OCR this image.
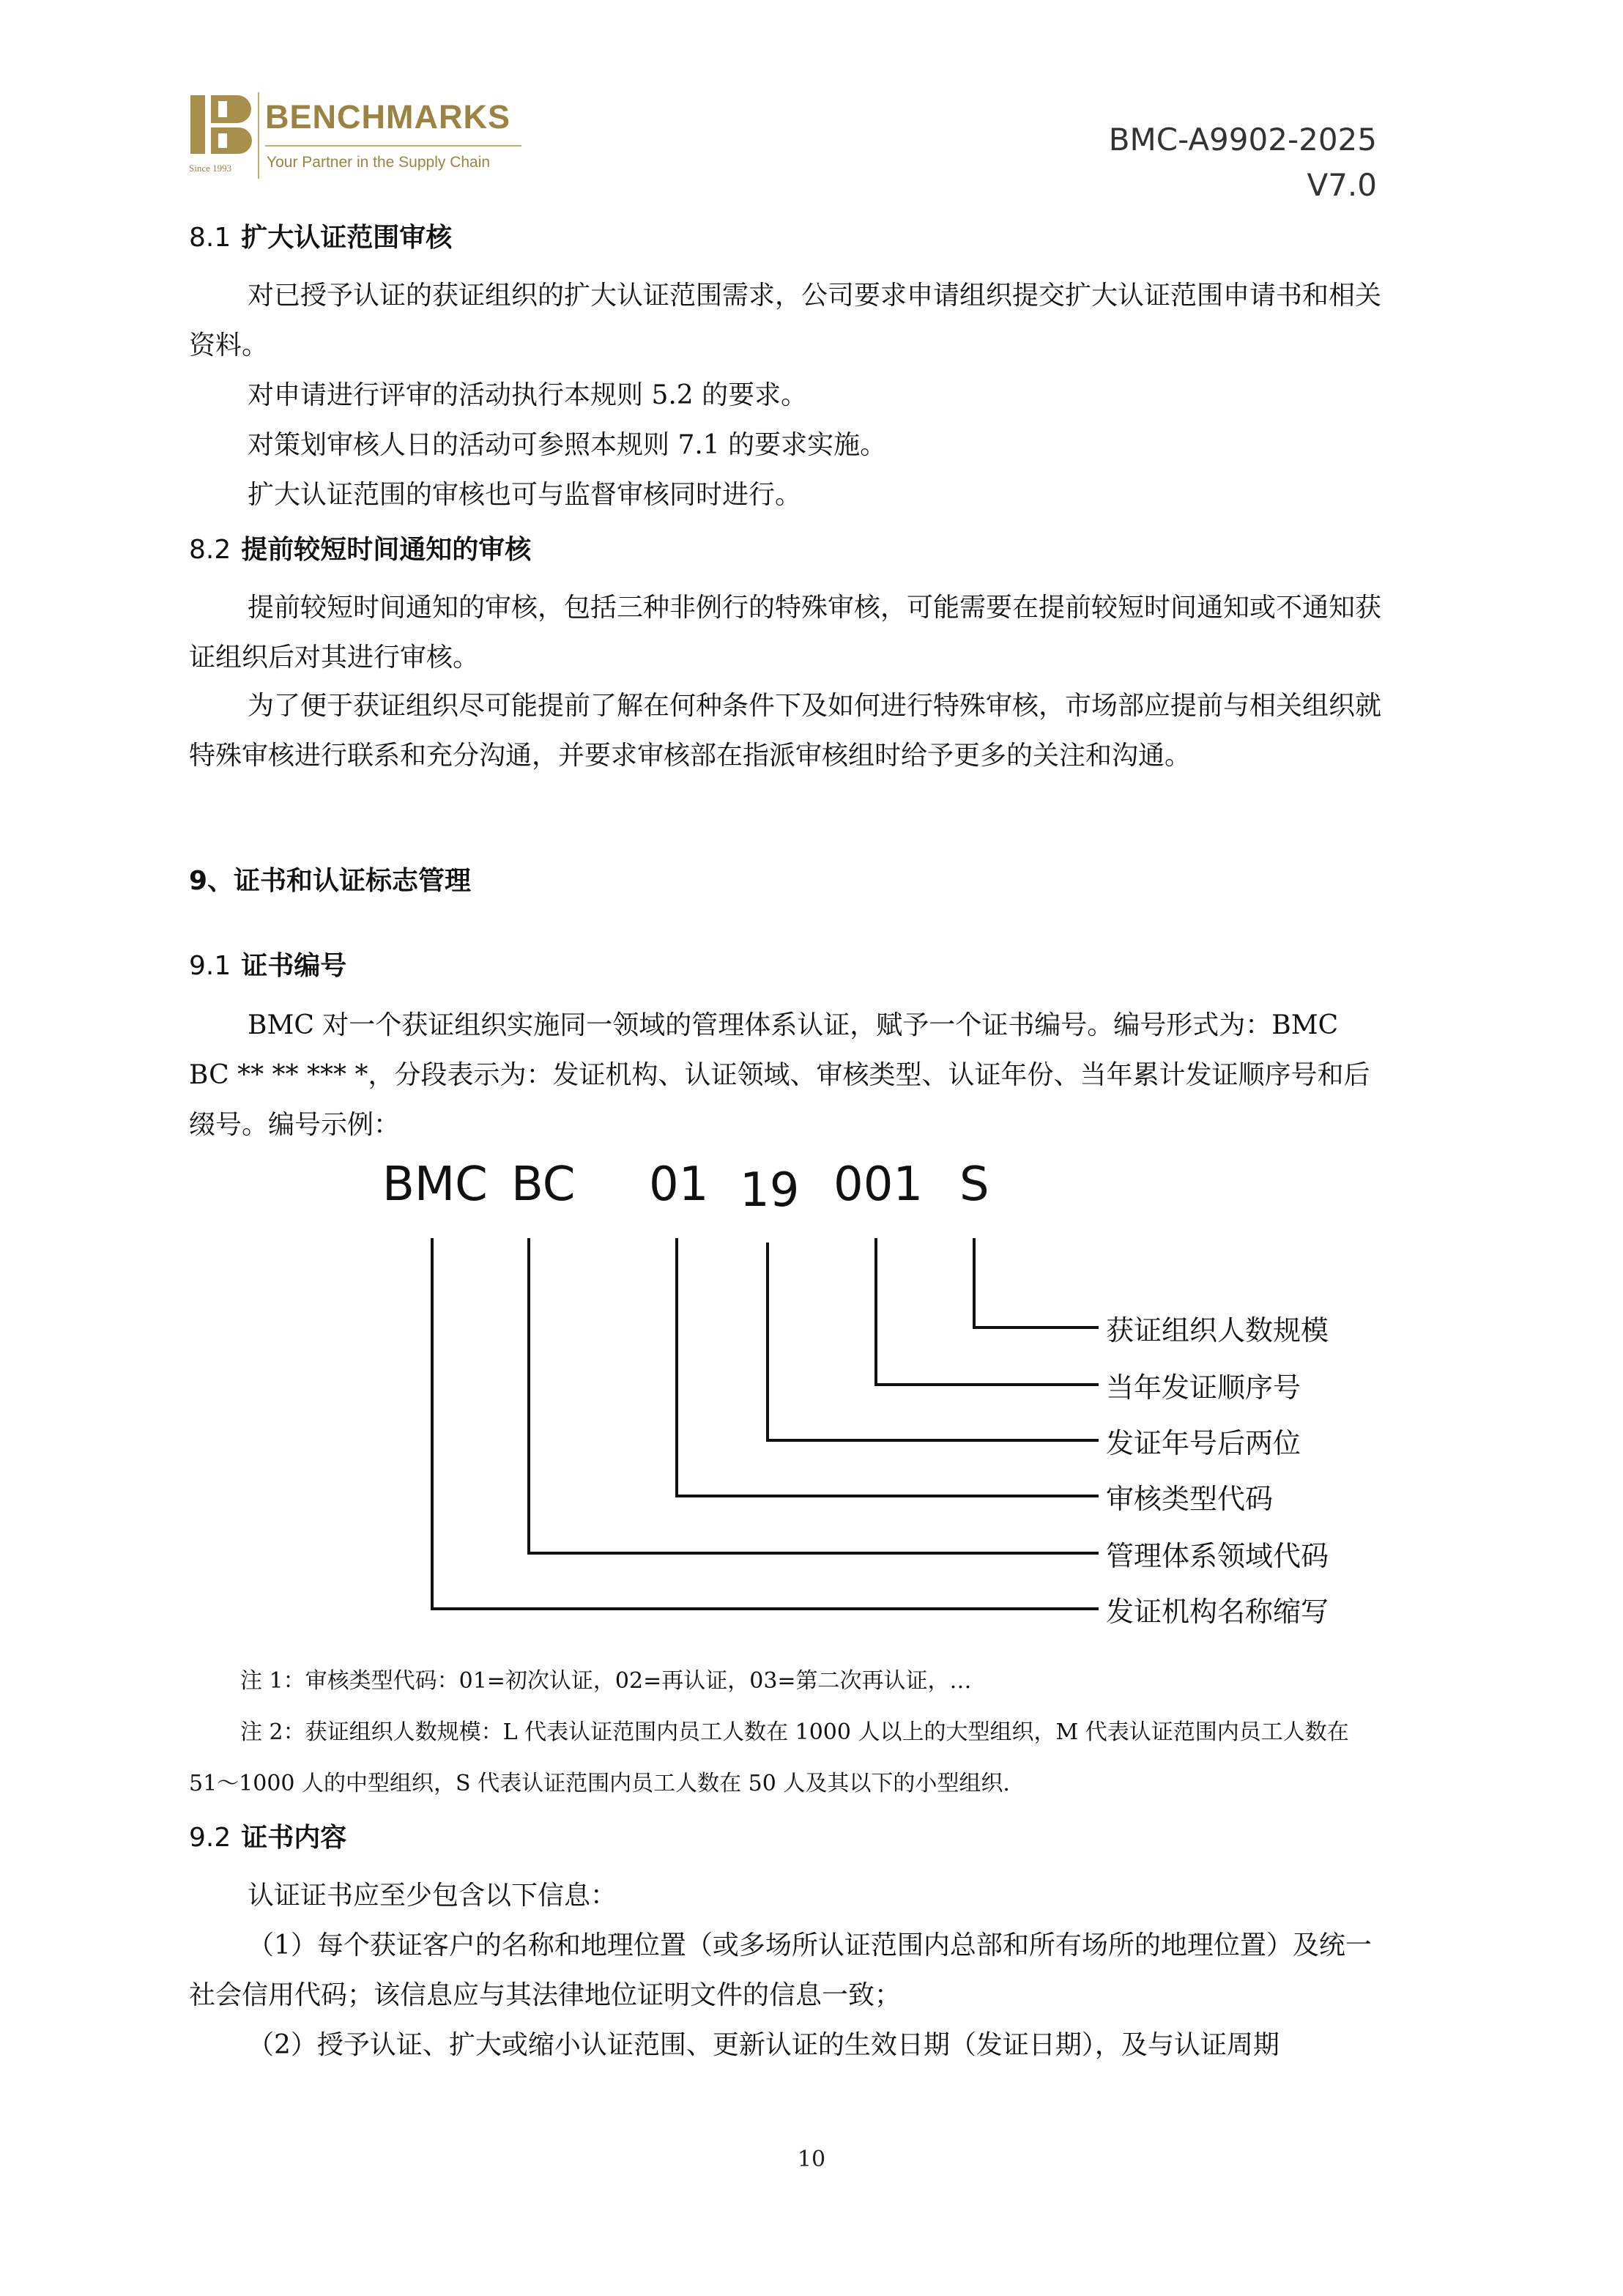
BENCHMARKS
Your Partner in the Supply Chain
Since 1993
BMC-A9902-2025
V7.0
8.1 扩大认证范围审核
对已授予认证的获证组织的扩大认证范围需求，公司要求申请组织提交扩大认证范围申请书和相关资料。
对申请进行评审的活动执行本规则 5.2 的要求。
对策划审核人日的活动可参照本规则 7.1 的要求实施。
扩大认证范围的审核也可与监督审核同时进行。
8.2 提前较短时间通知的审核
提前较短时间通知的审核，包括三种非例行的特殊审核，可能需要在提前较短时间通知或不通知获证组织后对其进行审核。
为了便于获证组织尽可能提前了解在何种条件下及如何进行特殊审核，市场部应提前与相关组织就特殊审核进行联系和充分沟通，并要求审核部在指派审核组时给予更多的关注和沟通。
9、证书和认证标志管理
9.1 证书编号
BMC 对一个获证组织实施同一领域的管理体系认证，赋予一个证书编号。编号形式为：BMC BC ** ** *** *，分段表示为：发证机构、认证领域、审核类型、认证年份、当年累计发证顺序号和后缀号。编号示例：
BMC BC 01 19 001 S
获证组织人数规模
当年发证顺序号
发证年号后两位
审核类型代码
管理体系领域代码
发证机构名称缩写
注 1：审核类型代码：01=初次认证，02=再认证，03=第二次再认证，…
注 2：获证组织人数规模：L 代表认证范围内员工人数在 1000 人以上的大型组织，M 代表认证范围内员工人数在 51～1000 人的中型组织，S 代表认证范围内员工人数在 50 人及其以下的小型组织.
9.2 证书内容
认证证书应至少包含以下信息：
（1）每个获证客户的名称和地理位置（或多场所认证范围内总部和所有场所的地理位置）及统一社会信用代码；该信息应与其法律地位证明文件的信息一致；
（2）授予认证、扩大或缩小认证范围、更新认证的生效日期（发证日期），及与认证周期
10
